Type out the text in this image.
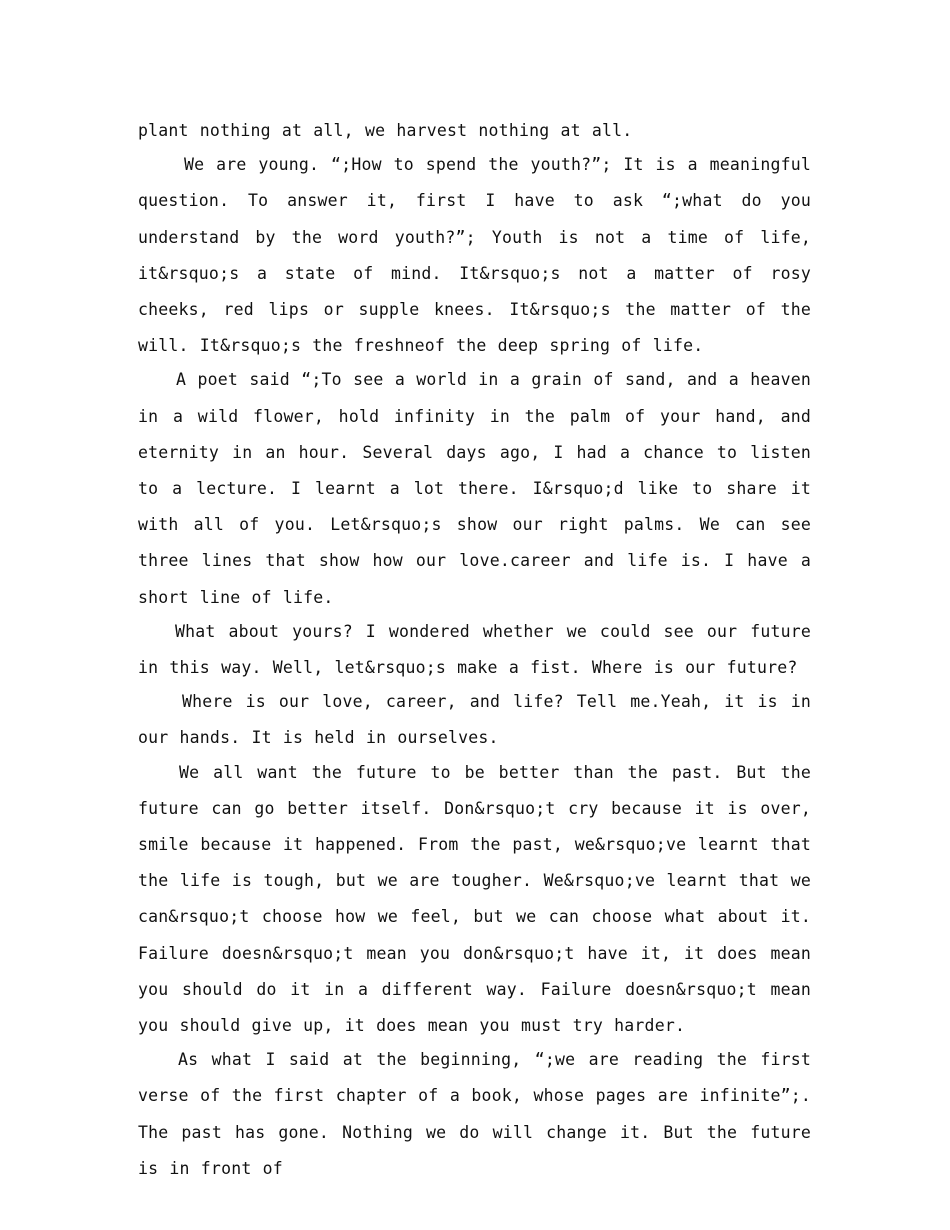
plant nothing at all, we harvest nothing at all.

We are young. “;How to spend the youth?”; It is a meaningful question. To answer it, first I have to ask “;what do you understand by the word youth?”; Youth is not a time of life, it&rsquo;s a state of mind. It&rsquo;s not a matter of rosy cheeks, red lips or supple knees. It&rsquo;s the matter of the will. It&rsquo;s the freshneof the deep spring of life.

A poet said “;To see a world in a grain of sand, and a heaven in a wild flower, hold infinity in the palm of your hand, and eternity in an hour. Several days ago, I had a chance to listen to a lecture. I learnt a lot there. I&rsquo;d like to share it with all of you. Let&rsquo;s show our right palms. We can see three lines that show how our love.career and life is. I have a short line of life.

What about yours? I wondered whether we could see our future in this way. Well, let&rsquo;s make a fist. Where is our future?

Where is our love, career, and life? Tell me.Yeah, it is in our hands. It is held in ourselves.

We all want the future to be better than the past. But the future can go better itself. Don&rsquo;t cry because it is over, smile because it happened. From the past, we&rsquo;ve learnt that the life is tough, but we are tougher. We&rsquo;ve learnt that we can&rsquo;t choose how we feel, but we can choose what about it. Failure doesn&rsquo;t mean you don&rsquo;t have it, it does mean you should do it in a different way. Failure doesn&rsquo;t mean you should give up, it does mean you must try harder.

As what I said at the beginning, “;we are reading the first verse of the first chapter of a book, whose pages are infinite”;. The past has gone. Nothing we do will change it. But the future is in front of
